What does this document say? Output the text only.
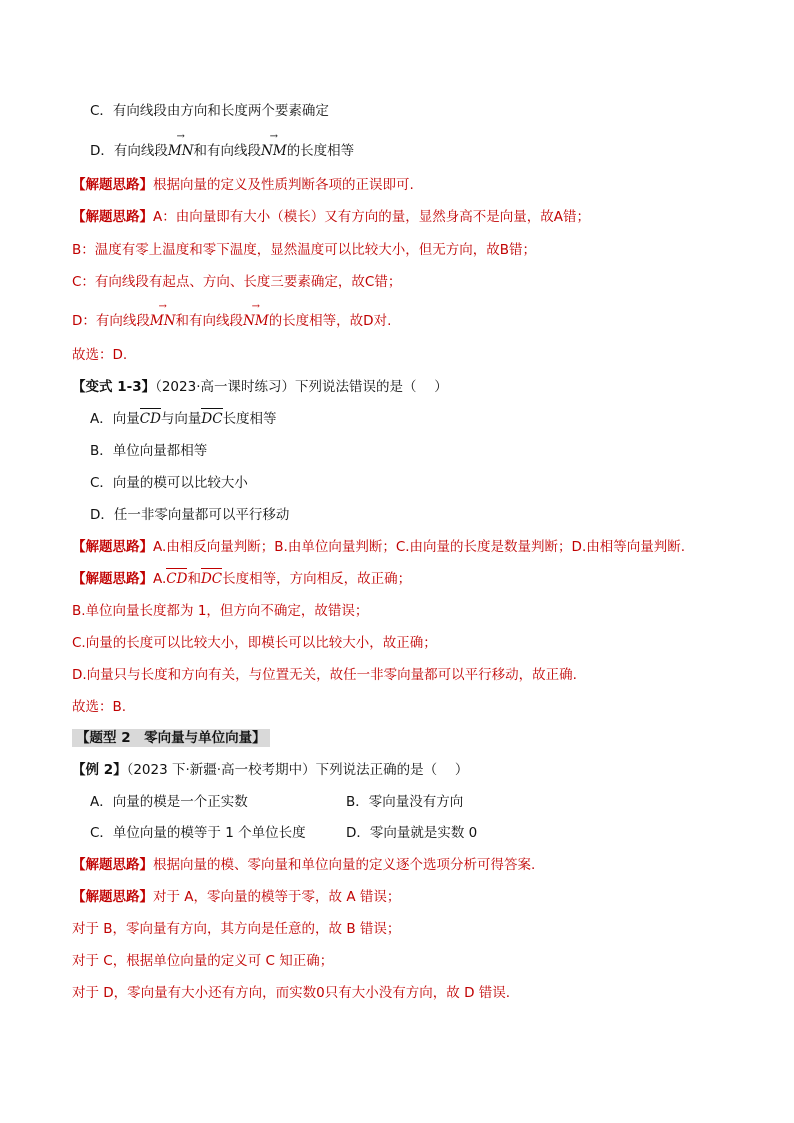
C．有向线段由方向和长度两个要素确定
D．有向线段
→
MN和有向线段
→
NM的长度相等
【解题思路】根据向量的定义及性质判断各项的正误即可.
【解题思路】A：由向量即有大小（模长）又有方向的量，显然身高不是向量，故A错；
B：温度有零上温度和零下温度，显然温度可以比较大小，但无方向，故B错；
C：有向线段有起点、方向、长度三要素确定，故C错；
D：有向线段
→
MN和有向线段
→
NM的长度相等，故D对.
故选：D.
【变式 1-3】（2023·高一课时练习）下列说法错误的是（　 ）
A．向量CD与向量DC长度相等
B．单位向量都相等
C．向量的模可以比较大小
D．任一非零向量都可以平行移动
【解题思路】A.由相反向量判断；B.由单位向量判断；C.由向量的长度是数量判断；D.由相等向量判断.
【解题思路】A.CD和DC长度相等，方向相反，故正确；
B.单位向量长度都为 1，但方向不确定，故错误；
C.向量的长度可以比较大小，即模长可以比较大小，故正确；
D.向量只与长度和方向有关，与位置无关，故任一非零向量都可以平行移动，故正确.
故选：B.
【题型 2　零向量与单位向量】
【例 2】（2023 下·新疆·高一校考期中）下列说法正确的是（　 ）
A．向量的模是一个正实数	B．零向量没有方向
C．单位向量的模等于 1 个单位长度	D．零向量就是实数 0
【解题思路】根据向量的模、零向量和单位向量的定义逐个选项分析可得答案.
【解题思路】对于 A，零向量的模等于零，故 A 错误；
对于 B，零向量有方向，其方向是任意的，故 B 错误；
对于 C，根据单位向量的定义可 C 知正确；
对于 D，零向量有大小还有方向，而实数0只有大小没有方向，故 D 错误.
